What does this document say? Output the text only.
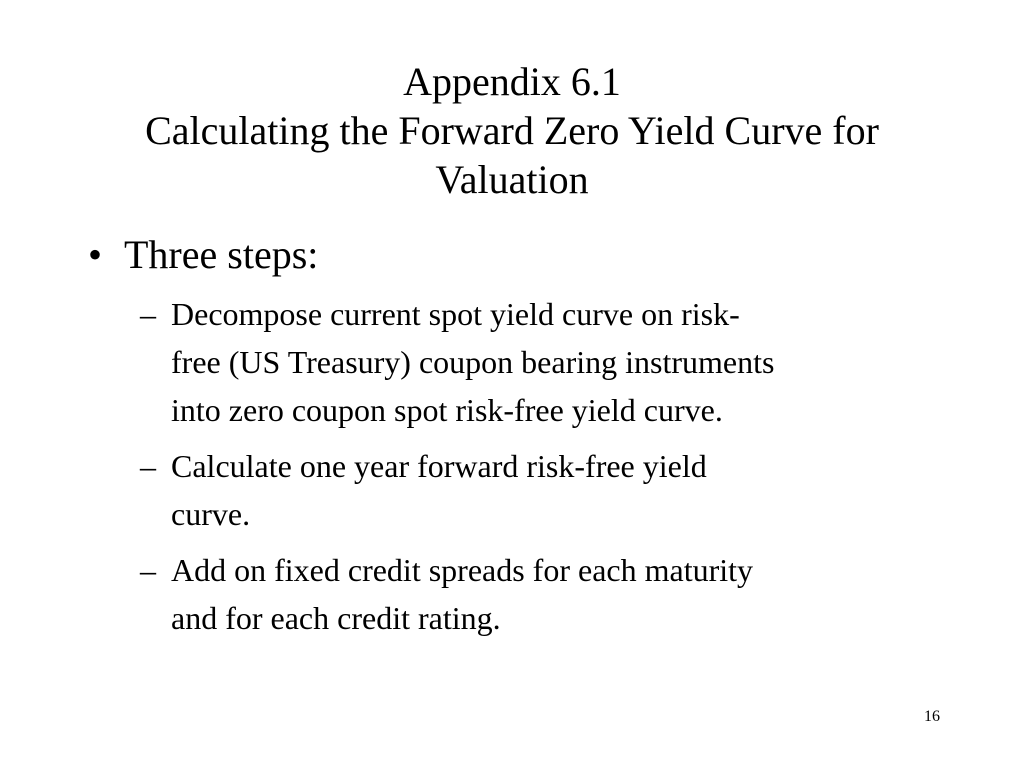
Appendix 6.1
Calculating the Forward Zero Yield Curve for
Valuation
• Three steps:
– Decompose current spot yield curve on risk-
free (US Treasury) coupon bearing instruments
into zero coupon spot risk-free yield curve.
– Calculate one year forward risk-free yield
curve.
– Add on fixed credit spreads for each maturity
and for each credit rating.
16
